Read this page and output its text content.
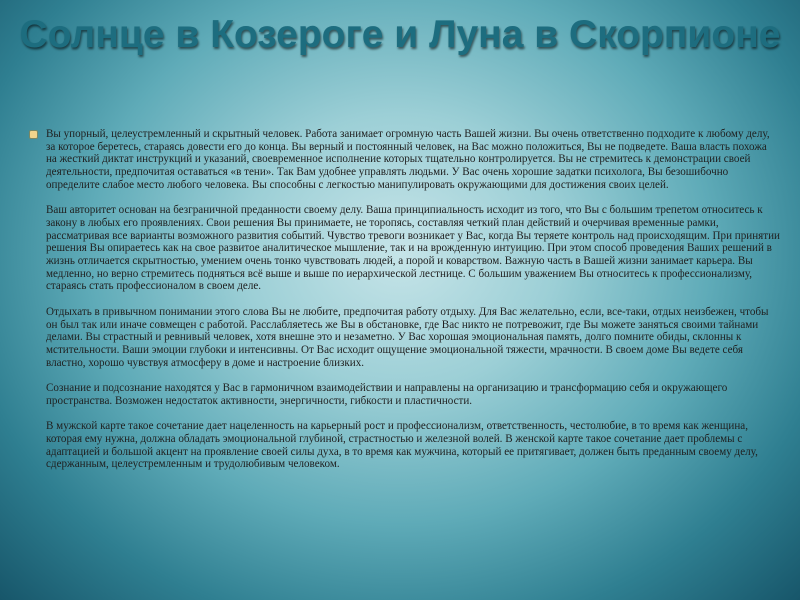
Солнце в Козероге и Луна в Скорпионе

Вы упорный, целеустремленный и скрытный человек. Работа занимает огромную часть Вашей жизни. Вы очень ответственно подходите к любому делу, за которое беретесь, стараясь довести его до конца. Вы верный и постоянный человек, на Вас можно положиться, Вы не подведете. Ваша власть похожа на жесткий диктат инструкций и указаний, своевременное исполнение которых тщательно контролируется. Вы не стремитесь к демонстрации своей деятельности, предпочитая оставаться «в тени». Так Вам удобнее управлять людьми. У Вас очень хорошие задатки психолога, Вы безошибочно определите слабое место любого человека. Вы способны с легкостью манипулировать окружающими для достижения своих целей.

Ваш авторитет основан на безграничной преданности своему делу. Ваша принципиальность исходит из того, что Вы с большим трепетом относитесь к закону в любых его проявлениях. Свои решения Вы принимаете, не торопясь, составляя четкий план действий и очерчивая временные рамки, рассматривая все варианты возможного развития событий. Чувство тревоги возникает у Вас, когда Вы теряете контроль над происходящим. При принятии решения Вы опираетесь как на свое развитое аналитическое мышление, так и на врожденную интуицию. При этом способ проведения Ваших решений в жизнь отличается скрытностью, умением очень тонко чувствовать людей, а порой и коварством. Важную часть в Вашей жизни занимает карьера. Вы медленно, но верно стремитесь подняться всё выше и выше по иерархической лестнице. С большим уважением Вы относитесь к профессионализму, стараясь стать профессионалом в своем деле.

Отдыхать в привычном понимании этого слова Вы не любите, предпочитая работу отдыху. Для Вас желательно, если, все-таки, отдых неизбежен, чтобы он был так или иначе совмещен с работой. Расслабляетесь же Вы в обстановке, где Вас никто не потревожит, где Вы можете заняться своими тайнами делами. Вы страстный и ревнивый человек, хотя внешне это и незаметно. У Вас хорошая эмоциональная память, долго помните обиды, склонны к мстительности. Ваши эмоции глубоки и интенсивны. От Вас исходит ощущение эмоциональной тяжести, мрачности. В своем доме Вы ведете себя властно, хорошо чувствуя атмосферу в доме и настроение близких.

Сознание и подсознание находятся у Вас в гармоничном взаимодействии и направлены на организацию и трансформацию себя и окружающего пространства. Возможен недостаток активности, энергичности, гибкости и пластичности.

В мужской карте такое сочетание дает нацеленность на карьерный рост и профессионализм, ответственность, честолюбие, в то время как женщина, которая ему нужна, должна обладать эмоциональной глубиной, страстностью и железной волей. В женской карте такое сочетание дает проблемы с адаптацией и большой акцент на проявление своей силы духа, в то время как мужчина, который ее притягивает, должен быть преданным своему делу, сдержанным, целеустремленным и трудолюбивым человеком.
